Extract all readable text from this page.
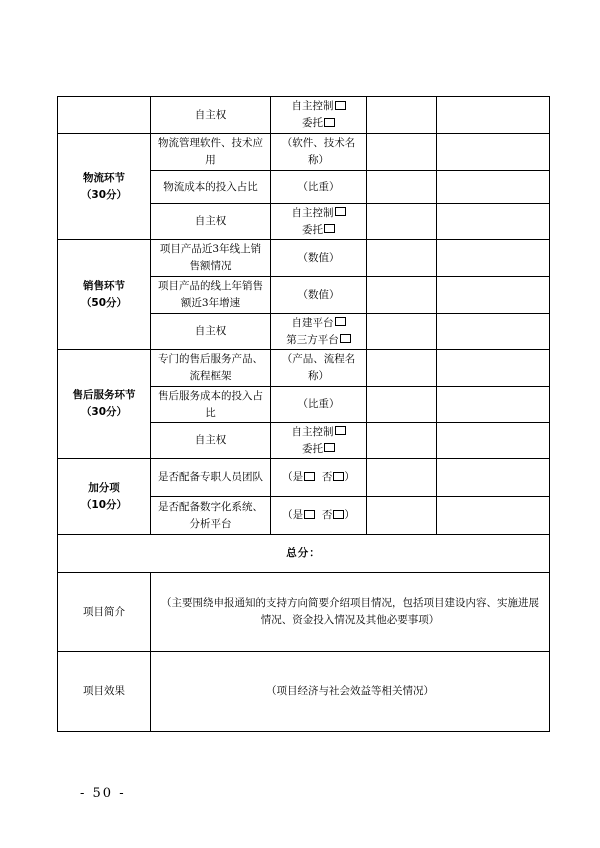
	自主权	自主控制
委托		

物流环节
（30分）	物流管理软件、技术应用	（软件、技术名称）		
	物流成本的投入占比	（比重）		
	自主权	自主控制
委托		

销售环节
（50分）	项目产品近3年线上销售额情况	（数值）		
	项目产品的线上年销售额近3年增速	（数值）		
	自主权	自建平台
第三方平台		

售后服务环节
（30分）	专门的售后服务产品、流程框架	（产品、流程名称）		
	售后服务成本的投入占比	（比重）		
	自主权	自主控制
委托		

加分项
（10分）	是否配备专职人员团队	（是 否 ）		
	是否配备数字化系统、分析平台	（是 否 ）		

总分：				

项目简介	（主要围绕申报通知的支持方向简要介绍项目情况，包括项目建设内容、实施进展情况、资金投入情况及其他必要事项）			
项目效果	（项目经济与社会效益等相关情况）			
- 50 -
